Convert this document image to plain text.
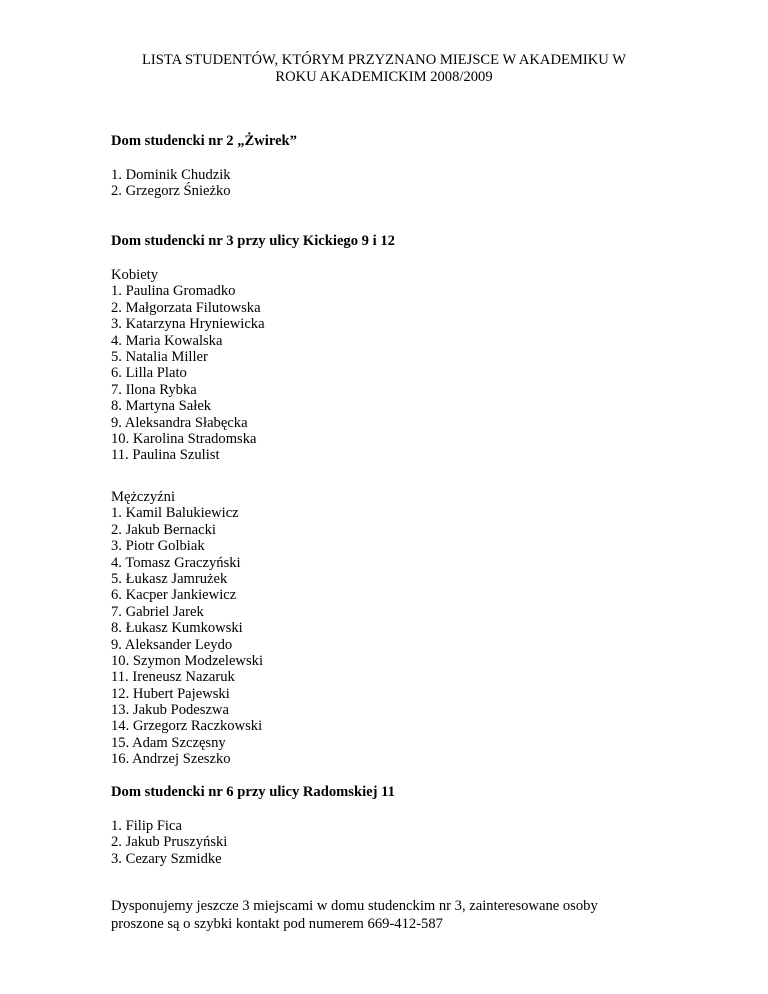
LISTA STUDENTÓW, KTÓRYM PRZYZNANO MIEJSCE W AKADEMIKU W
ROKU AKADEMICKIM 2008/2009
Dom studencki nr 2 „Żwirek”
1. Dominik Chudzik
2. Grzegorz Śnieżko
Dom studencki nr 3 przy ulicy Kickiego 9 i 12
Kobiety
1. Paulina Gromadko
2. Małgorzata Filutowska
3. Katarzyna Hryniewicka
4. Maria Kowalska
5. Natalia Miller
6. Lilla Plato
7. Ilona Rybka
8. Martyna Sałek
9. Aleksandra Słabęcka
10. Karolina Stradomska
11. Paulina Szulist
Mężczyźni
1. Kamil Balukiewicz
2. Jakub Bernacki
3. Piotr Golbiak
4. Tomasz Graczyński
5. Łukasz Jamrużek
6. Kacper Jankiewicz
7. Gabriel Jarek
8. Łukasz Kumkowski
9. Aleksander Leydo
10. Szymon Modzelewski
11. Ireneusz Nazaruk
12. Hubert Pajewski
13. Jakub Podeszwa
14. Grzegorz Raczkowski
15. Adam Szczęsny
16. Andrzej Szeszko
Dom studencki nr 6 przy ulicy Radomskiej 11
1. Filip Fica
2. Jakub Pruszyński
3. Cezary Szmidke
Dysponujemy jeszcze 3 miejscami w domu studenckim nr 3, zainteresowane osoby
proszone są o szybki kontakt pod numerem 669-412-587
